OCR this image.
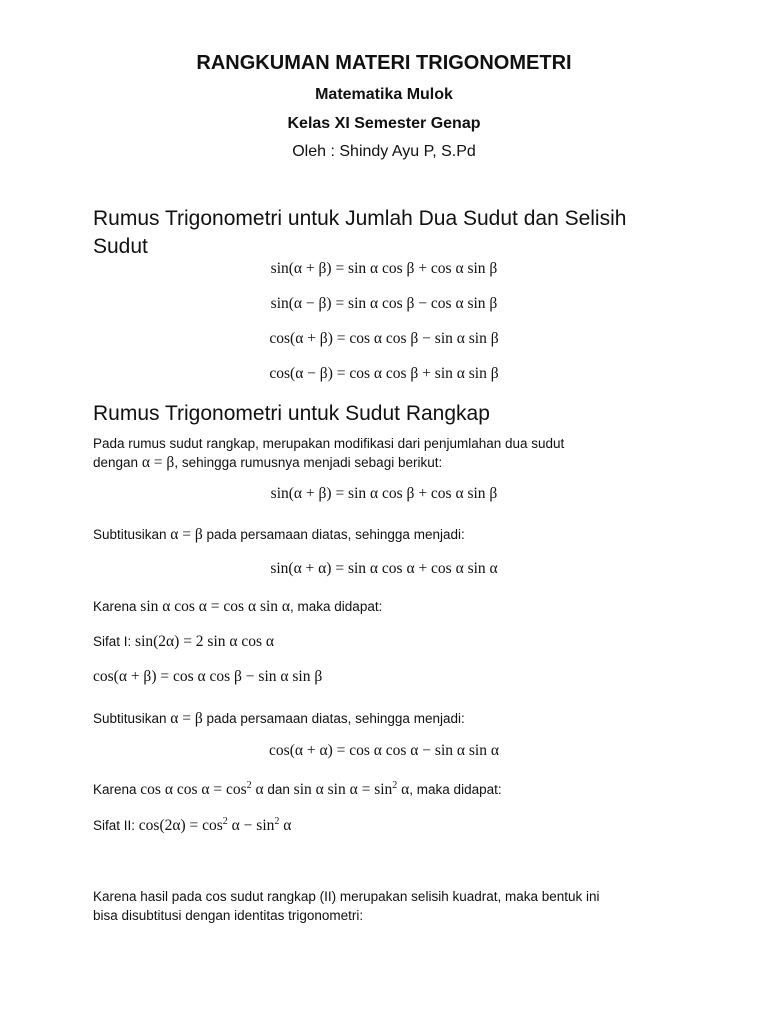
RANGKUMAN MATERI TRIGONOMETRI
Matematika Mulok
Kelas XI Semester Genap
Oleh : Shindy Ayu P, S.Pd
Rumus Trigonometri untuk Jumlah Dua Sudut dan Selisih Sudut
sin(α + β) = sin α cos β + cos α sin β
sin(α − β) = sin α cos β − cos α sin β
cos(α + β) = cos α cos β − sin α sin β
cos(α − β) = cos α cos β + sin α sin β
Rumus Trigonometri untuk Sudut Rangkap
Pada rumus sudut rangkap, merupakan modifikasi dari penjumlahan dua sudut
dengan α = β, sehingga rumusnya menjadi sebagi berikut:
sin(α + β) = sin α cos β + cos α sin β
Subtitusikan α = β pada persamaan diatas, sehingga menjadi:
sin(α + α) = sin α cos α + cos α sin α
Karena sin α cos α = cos α sin α, maka didapat:
Sifat I: sin(2α) = 2 sin α cos α
cos(α + β) = cos α cos β − sin α sin β
Subtitusikan α = β pada persamaan diatas, sehingga menjadi:
cos(α + α) = cos α cos α − sin α sin α
Karena cos α $\cos \alpha = \cos^2 \alpha$ dan sin α $\sin \alpha = \sin^2 \alpha$, maka didapat:
Sifat II: $\cos(2\alpha) = \cos^2 \alpha - \sin^2 \alpha$
Karena hasil pada cos sudut rangkap (II) merupakan selisih kuadrat, maka bentuk ini
bisa disubtitusi dengan identitas trigonometri:
